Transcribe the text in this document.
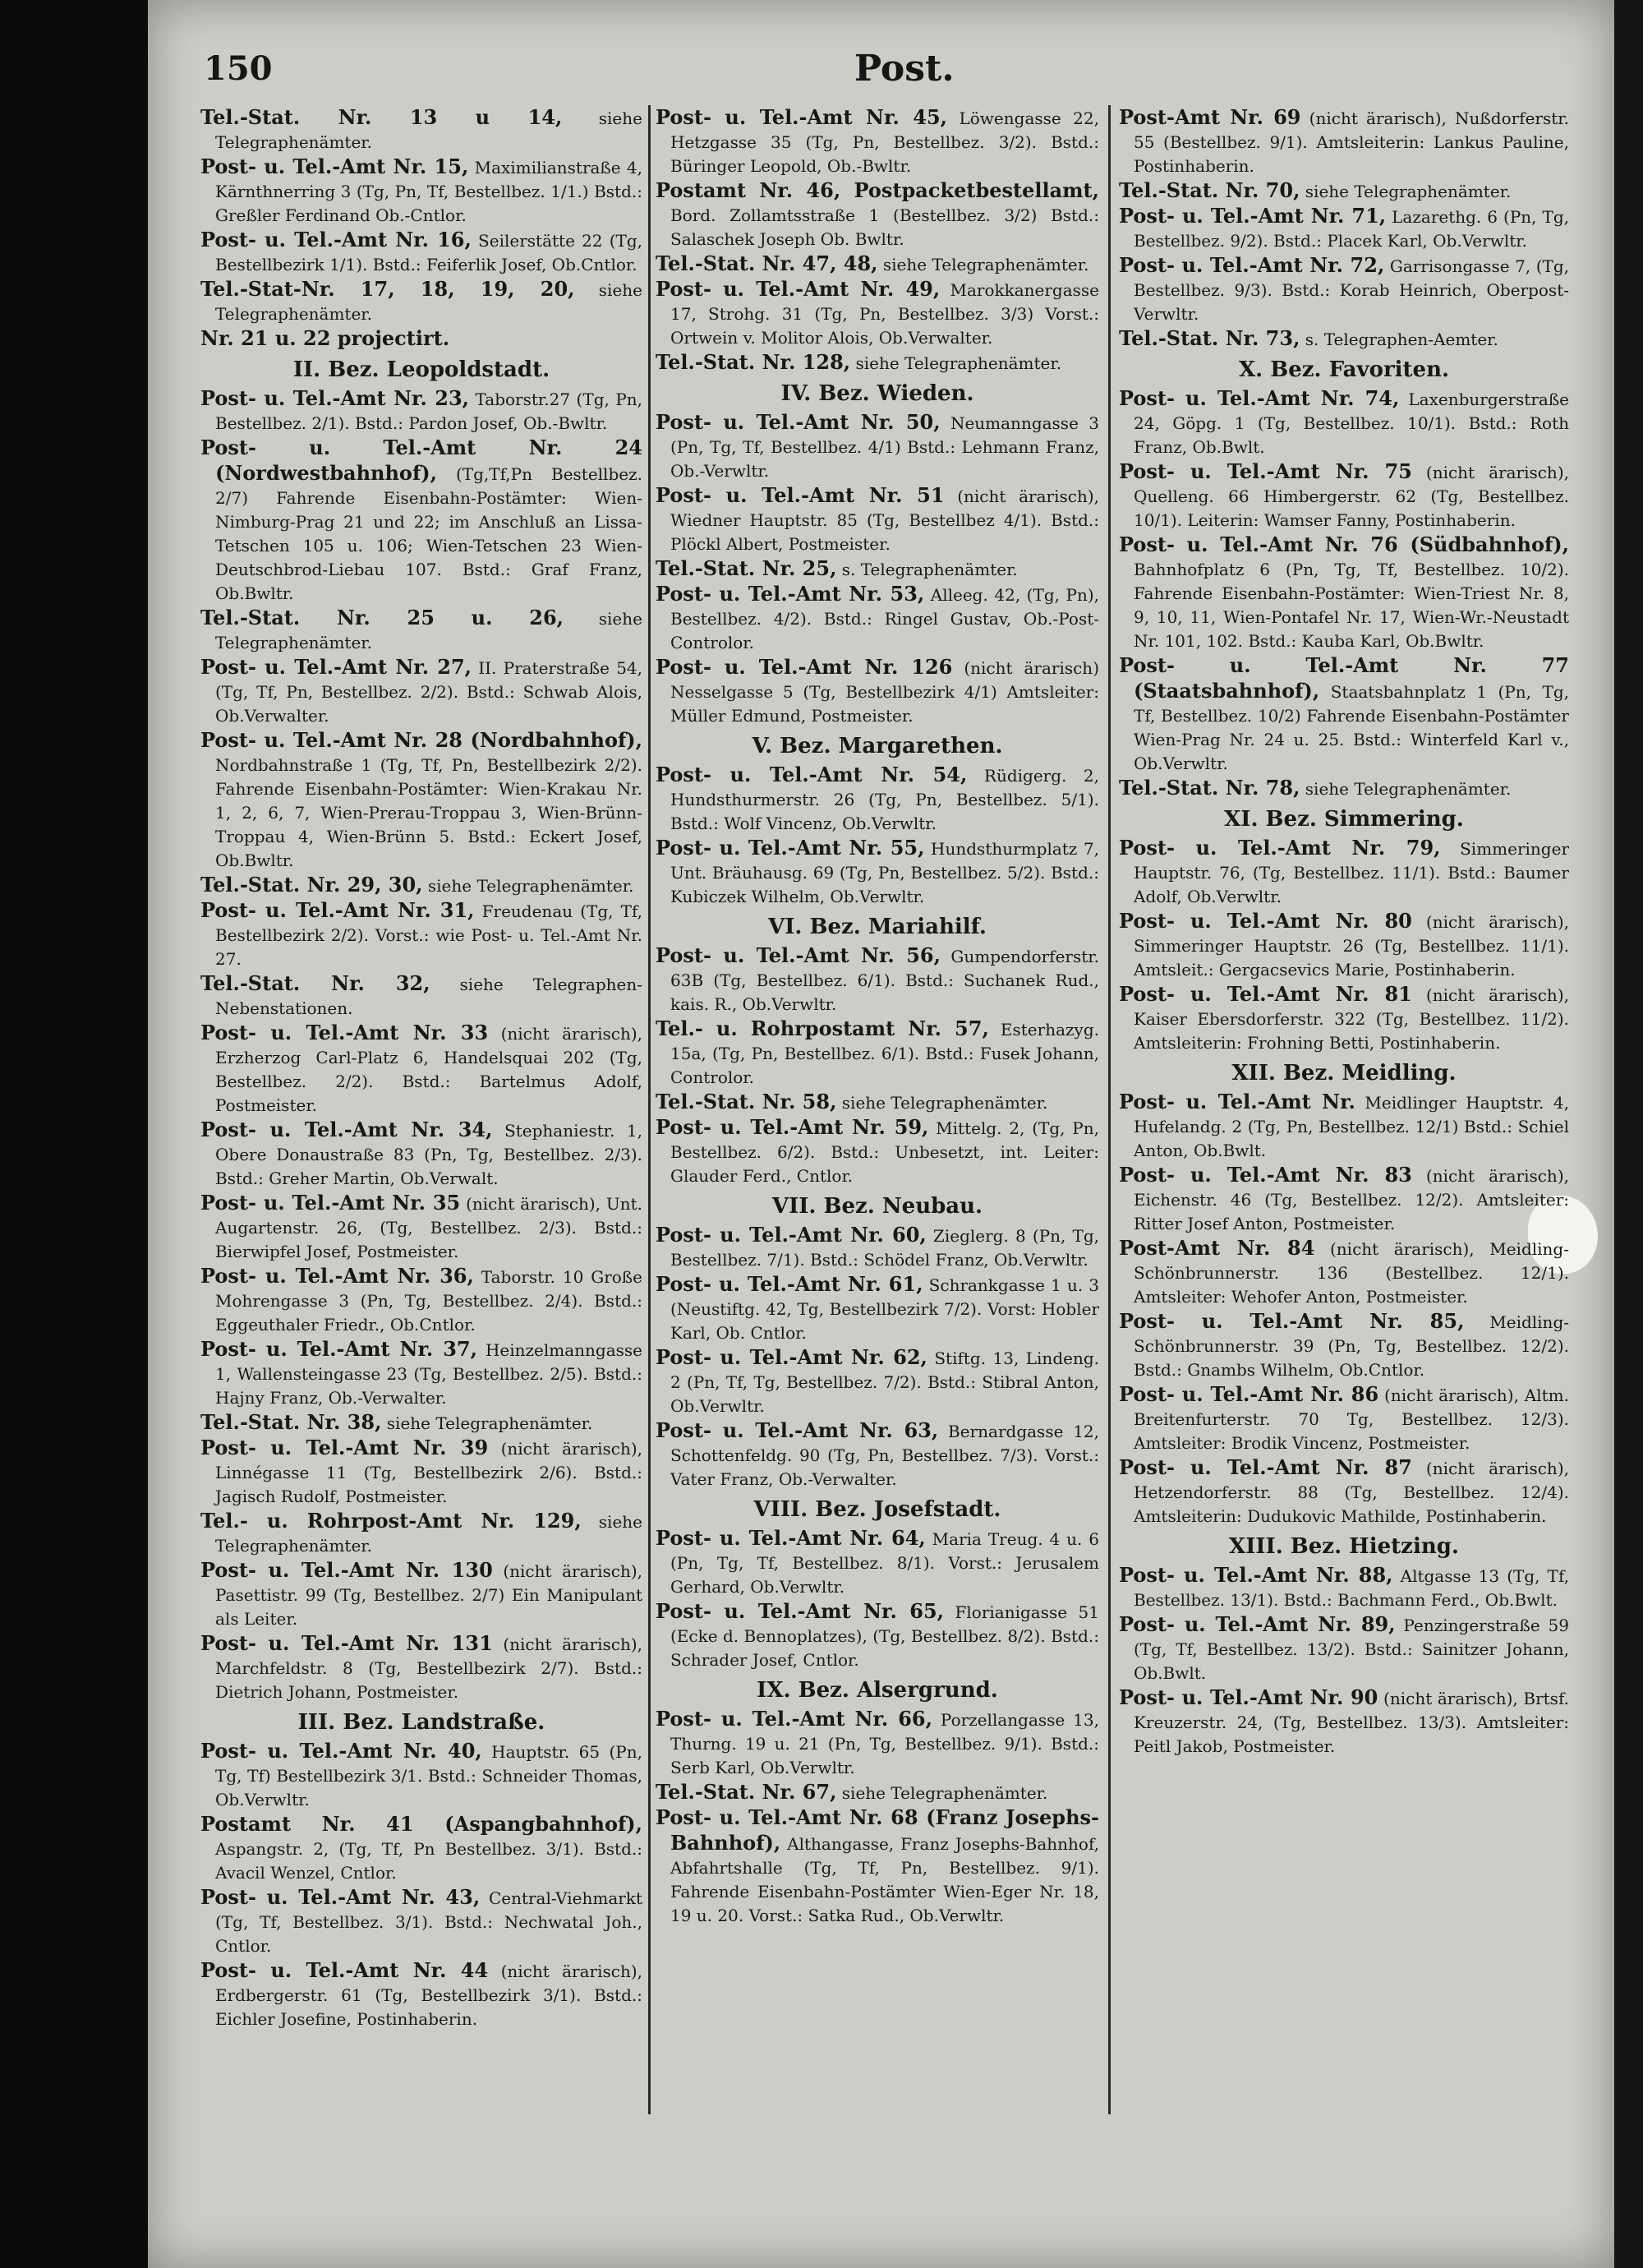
150	Post.

Tel.-Stat. Nr. 13 u 14, siehe Telegraphenämter.

Post- u. Tel.-Amt Nr. 15, Maximilianstraße 4, Kärnthnerring 3 (Tg, Pn, Tf, Bestellbez. 1/1.) Bstd.: Greßler Ferdinand Ob.-Cntlor.

Post- u. Tel.-Amt Nr. 16, Seilerstätte 22 (Tg, Bestellbezirk 1/1). Bstd.: Feiferlik Josef, Ob.Cntlor.

Tel.-Stat-Nr. 17, 18, 19, 20, siehe Telegraphenämter.

Nr. 21 u. 22 projectirt.

II. Bez. Leopoldstadt.

Post- u. Tel.-Amt Nr. 23, Taborstr.27 (Tg, Pn, Bestellbez. 2/1). Bstd.: Pardon Josef, Ob.-Bwltr.

Post- u. Tel.-Amt Nr. 24 (Nordwestbahnhof), (Tg,Tf,Pn Bestellbez. 2/7) Fahrende Eisenbahn-Postämter: Wien-Nimburg-Prag 21 und 22; im Anschluß an Lissa-Tetschen 105 u. 106; Wien-Tetschen 23 Wien-Deutschbrod-Liebau 107. Bstd.: Graf Franz, Ob.Bwltr.

Tel.-Stat. Nr. 25 u. 26, siehe Telegraphenämter.

Post- u. Tel.-Amt Nr. 27, II. Praterstraße 54, (Tg, Tf, Pn, Bestellbez. 2/2). Bstd.: Schwab Alois, Ob.Verwalter.

Post- u. Tel.-Amt Nr. 28 (Nordbahnhof), Nordbahnstraße 1 (Tg, Tf, Pn, Bestellbezirk 2/2). Fahrende Eisenbahn-Postämter: Wien-Krakau Nr. 1, 2, 6, 7, Wien-Prerau-Troppau 3, Wien-Brünn-Troppau 4, Wien-Brünn 5. Bstd.: Eckert Josef, Ob.Bwltr.

Tel.-Stat. Nr. 29, 30, siehe Telegraphenämter.

Post- u. Tel.-Amt Nr. 31, Freudenau (Tg, Tf, Bestellbezirk 2/2). Vorst.: wie Post- u. Tel.-Amt Nr. 27.

Tel.-Stat. Nr. 32, siehe Telegraphen-Nebenstationen.

Post- u. Tel.-Amt Nr. 33 (nicht ärarisch), Erzherzog Carl-Platz 6, Handelsquai 202 (Tg, Bestellbez. 2/2). Bstd.: Bartelmus Adolf, Postmeister.

Post- u. Tel.-Amt Nr. 34, Stephaniestr. 1, Obere Donaustraße 83 (Pn, Tg, Bestellbez. 2/3). Bstd.: Greher Martin, Ob.Verwalt.

Post- u. Tel.-Amt Nr. 35 (nicht ärarisch), Unt. Augartenstr. 26, (Tg, Bestellbez. 2/3). Bstd.: Bierwipfel Josef, Postmeister.

Post- u. Tel.-Amt Nr. 36, Taborstr. 10 Große Mohrengasse 3 (Pn, Tg, Bestellbez. 2/4). Bstd.: Eggeuthaler Friedr., Ob.Cntlor.

Post- u. Tel.-Amt Nr. 37, Heinzelmanngasse 1, Wallensteingasse 23 (Tg, Bestellbez. 2/5). Bstd.: Hajny Franz, Ob.-Verwalter.

Tel.-Stat. Nr. 38, siehe Telegraphenämter.

Post- u. Tel.-Amt Nr. 39 (nicht ärarisch), Linnégasse 11 (Tg, Bestellbezirk 2/6). Bstd.: Jagisch Rudolf, Postmeister.

Tel.- u. Rohrpost-Amt Nr. 129, siehe Telegraphenämter.

Post- u. Tel.-Amt Nr. 130 (nicht ärarisch), Pasettistr. 99 (Tg, Bestellbez. 2/7) Ein Manipulant als Leiter.

Post- u. Tel.-Amt Nr. 131 (nicht ärarisch), Marchfeldstr. 8 (Tg, Bestellbezirk 2/7). Bstd.: Dietrich Johann, Postmeister.

III. Bez. Landstraße.

Post- u. Tel.-Amt Nr. 40, Hauptstr. 65 (Pn, Tg, Tf) Bestellbezirk 3/1. Bstd.: Schneider Thomas, Ob.Verwltr.

Postamt Nr. 41 (Aspangbahnhof), Aspangstr. 2, (Tg, Tf, Pn Bestellbez. 3/1). Bstd.: Avacil Wenzel, Cntlor.

Post- u. Tel.-Amt Nr. 43, Central-Viehmarkt (Tg, Tf, Bestellbez. 3/1). Bstd.: Nechwatal Joh., Cntlor.

Post- u. Tel.-Amt Nr. 44 (nicht ärarisch), Erdbergerstr. 61 (Tg, Bestellbezirk 3/1). Bstd.: Eichler Josefine, Postinhaberin.

Post- u. Tel.-Amt Nr. 45, Löwengasse 22, Hetzgasse 35 (Tg, Pn, Bestellbez. 3/2). Bstd.: Büringer Leopold, Ob.-Bwltr.

Postamt Nr. 46, Postpacketbestellamt, Bord. Zollamtsstraße 1 (Bestellbez. 3/2) Bstd.: Salaschek Joseph Ob. Bwltr.

Tel.-Stat. Nr. 47, 48, siehe Telegraphenämter.

Post- u. Tel.-Amt Nr. 49, Marokkanergasse 17, Strohg. 31 (Tg, Pn, Bestellbez. 3/3) Vorst.: Ortwein v. Molitor Alois, Ob.Verwalter.

Tel.-Stat. Nr. 128, siehe Telegraphenämter.

IV. Bez. Wieden.

Post- u. Tel.-Amt Nr. 50, Neumanngasse 3 (Pn, Tg, Tf, Bestellbez. 4/1) Bstd.: Lehmann Franz, Ob.-Verwltr.

Post- u. Tel.-Amt Nr. 51 (nicht ärarisch), Wiedner Hauptstr. 85 (Tg, Bestellbez 4/1). Bstd.: Plöckl Albert, Postmeister.

Tel.-Stat. Nr. 25, s. Telegraphenämter.

Post- u. Tel.-Amt Nr. 53, Alleeg. 42, (Tg, Pn), Bestellbez. 4/2). Bstd.: Ringel Gustav, Ob.-Post-Controlor.

Post- u. Tel.-Amt Nr. 126 (nicht ärarisch) Nesselgasse 5 (Tg, Bestellbezirk 4/1) Amtsleiter: Müller Edmund, Postmeister.

V. Bez. Margarethen.

Post- u. Tel.-Amt Nr. 54, Rüdigerg. 2, Hundsthurmerstr. 26 (Tg, Pn, Bestellbez. 5/1). Bstd.: Wolf Vincenz, Ob.Verwltr.

Post- u. Tel.-Amt Nr. 55, Hundsthurmplatz 7, Unt. Bräuhausg. 69 (Tg, Pn, Bestellbez. 5/2). Bstd.: Kubiczek Wilhelm, Ob.Verwltr.

VI. Bez. Mariahilf.

Post- u. Tel.-Amt Nr. 56, Gumpendorferstr. 63B (Tg, Bestellbez. 6/1). Bstd.: Suchanek Rud., kais. R., Ob.Verwltr.

Tel.- u. Rohrpostamt Nr. 57, Esterhazyg. 15a, (Tg, Pn, Bestellbez. 6/1). Bstd.: Fusek Johann, Controlor.

Tel.-Stat. Nr. 58, siehe Telegraphenämter.

Post- u. Tel.-Amt Nr. 59, Mittelg. 2, (Tg, Pn, Bestellbez. 6/2). Bstd.: Unbesetzt, int. Leiter: Glauder Ferd., Cntlor.

VII. Bez. Neubau.

Post- u. Tel.-Amt Nr. 60, Zieglerg. 8 (Pn, Tg, Bestellbez. 7/1). Bstd.: Schödel Franz, Ob.Verwltr.

Post- u. Tel.-Amt Nr. 61, Schrankgasse 1 u. 3 (Neustiftg. 42, Tg, Bestellbezirk 7/2). Vorst: Hobler Karl, Ob. Cntlor.

Post- u. Tel.-Amt Nr. 62, Stiftg. 13, Lindeng. 2 (Pn, Tf, Tg, Bestellbez. 7/2). Bstd.: Stibral Anton, Ob.Verwltr.

Post- u. Tel.-Amt Nr. 63, Bernardgasse 12, Schottenfeldg. 90 (Tg, Pn, Bestellbez. 7/3). Vorst.: Vater Franz, Ob.-Verwalter.

VIII. Bez. Josefstadt.

Post- u. Tel.-Amt Nr. 64, Maria Treug. 4 u. 6 (Pn, Tg, Tf, Bestellbez. 8/1). Vorst.: Jerusalem Gerhard, Ob.Verwltr.

Post- u. Tel.-Amt Nr. 65, Florianigasse 51 (Ecke d. Bennoplatzes), (Tg, Bestellbez. 8/2). Bstd.: Schrader Josef, Cntlor.

IX. Bez. Alsergrund.

Post- u. Tel.-Amt Nr. 66, Porzellangasse 13, Thurng. 19 u. 21 (Pn, Tg, Bestellbez. 9/1). Bstd.: Serb Karl, Ob.Verwltr.

Tel.-Stat. Nr. 67, siehe Telegraphenämter.

Post- u. Tel.-Amt Nr. 68 (Franz Josephs-Bahnhof), Althangasse, Franz Josephs-Bahnhof, Abfahrtshalle (Tg, Tf, Pn, Bestellbez. 9/1). Fahrende Eisenbahn-Postämter Wien-Eger Nr. 18, 19 u. 20. Vorst.: Satka Rud., Ob.Verwltr.

Post-Amt Nr. 69 (nicht ärarisch), Nußdorferstr. 55 (Bestellbez. 9/1). Amtsleiterin: Lankus Pauline, Postinhaberin.

Tel.-Stat. Nr. 70, siehe Telegraphenämter.

Post- u. Tel.-Amt Nr. 71, Lazarethg. 6 (Pn, Tg, Bestellbez. 9/2). Bstd.: Placek Karl, Ob.Verwltr.

Post- u. Tel.-Amt Nr. 72, Garrisongasse 7, (Tg, Bestellbez. 9/3). Bstd.: Korab Heinrich, Oberpost-Verwltr.

Tel.-Stat. Nr. 73, s. Telegraphen-Aemter.

X. Bez. Favoriten.

Post- u. Tel.-Amt Nr. 74, Laxenburgerstraße 24, Göpg. 1 (Tg, Bestellbez. 10/1). Bstd.: Roth Franz, Ob.Bwlt.

Post- u. Tel.-Amt Nr. 75 (nicht ärarisch), Quelleng. 66 Himbergerstr. 62 (Tg, Bestellbez. 10/1). Leiterin: Wamser Fanny, Postinhaberin.

Post- u. Tel.-Amt Nr. 76 (Südbahnhof), Bahnhofplatz 6 (Pn, Tg, Tf, Bestellbez. 10/2). Fahrende Eisenbahn-Postämter: Wien-Triest Nr. 8, 9, 10, 11, Wien-Pontafel Nr. 17, Wien-Wr.-Neustadt Nr. 101, 102. Bstd.: Kauba Karl, Ob.Bwltr.

Post- u. Tel.-Amt Nr. 77 (Staatsbahnhof), Staatsbahnplatz 1 (Pn, Tg, Tf, Bestellbez. 10/2) Fahrende Eisenbahn-Postämter Wien-Prag Nr. 24 u. 25. Bstd.: Winterfeld Karl v., Ob.Verwltr.

Tel.-Stat. Nr. 78, siehe Telegraphenämter.

XI. Bez. Simmering.

Post- u. Tel.-Amt Nr. 79, Simmeringer Hauptstr. 76, (Tg, Bestellbez. 11/1). Bstd.: Baumer Adolf, Ob.Verwltr.

Post- u. Tel.-Amt Nr. 80 (nicht ärarisch), Simmeringer Hauptstr. 26 (Tg, Bestellbez. 11/1). Amtsleit.: Gergacsevics Marie, Postinhaberin.

Post- u. Tel.-Amt Nr. 81 (nicht ärarisch), Kaiser Ebersdorferstr. 322 (Tg, Bestellbez. 11/2). Amtsleiterin: Frohning Betti, Postinhaberin.

XII. Bez. Meidling.

Post- u. Tel.-Amt Nr. Meidlinger Hauptstr. 4, Hufelandg. 2 (Tg, Pn, Bestellbez. 12/1) Bstd.: Schiel Anton, Ob.Bwlt.

Post- u. Tel.-Amt Nr. 83 (nicht ärarisch), Eichenstr. 46 (Tg, Bestellbez. 12/2). Amtsleiter: Ritter Josef Anton, Postmeister.

Post-Amt Nr. 84 (nicht ärarisch), Meidling-Schönbrunnerstr. 136 (Bestellbez. 12/1). Amtsleiter: Wehofer Anton, Postmeister.

Post- u. Tel.-Amt Nr. 85, Meidling-Schönbrunnerstr. 39 (Pn, Tg, Bestellbez. 12/2). Bstd.: Gnambs Wilhelm, Ob.Cntlor.

Post- u. Tel.-Amt Nr. 86 (nicht ärarisch), Altm. Breitenfurterstr. 70 Tg, Bestellbez. 12/3). Amtsleiter: Brodik Vincenz, Postmeister.

Post- u. Tel.-Amt Nr. 87 (nicht ärarisch), Hetzendorferstr. 88 (Tg, Bestellbez. 12/4). Amtsleiterin: Dudukovic Mathilde, Postinhaberin.

XIII. Bez. Hietzing.

Post- u. Tel.-Amt Nr. 88, Altgasse 13 (Tg, Tf, Bestellbez. 13/1). Bstd.: Bachmann Ferd., Ob.Bwlt.

Post- u. Tel.-Amt Nr. 89, Penzingerstraße 59 (Tg, Tf, Bestellbez. 13/2). Bstd.: Sainitzer Johann, Ob.Bwlt.

Post- u. Tel.-Amt Nr. 90 (nicht ärarisch), Brtsf. Kreuzerstr. 24, (Tg, Bestellbez. 13/3). Amtsleiter: Peitl Jakob, Postmeister.
